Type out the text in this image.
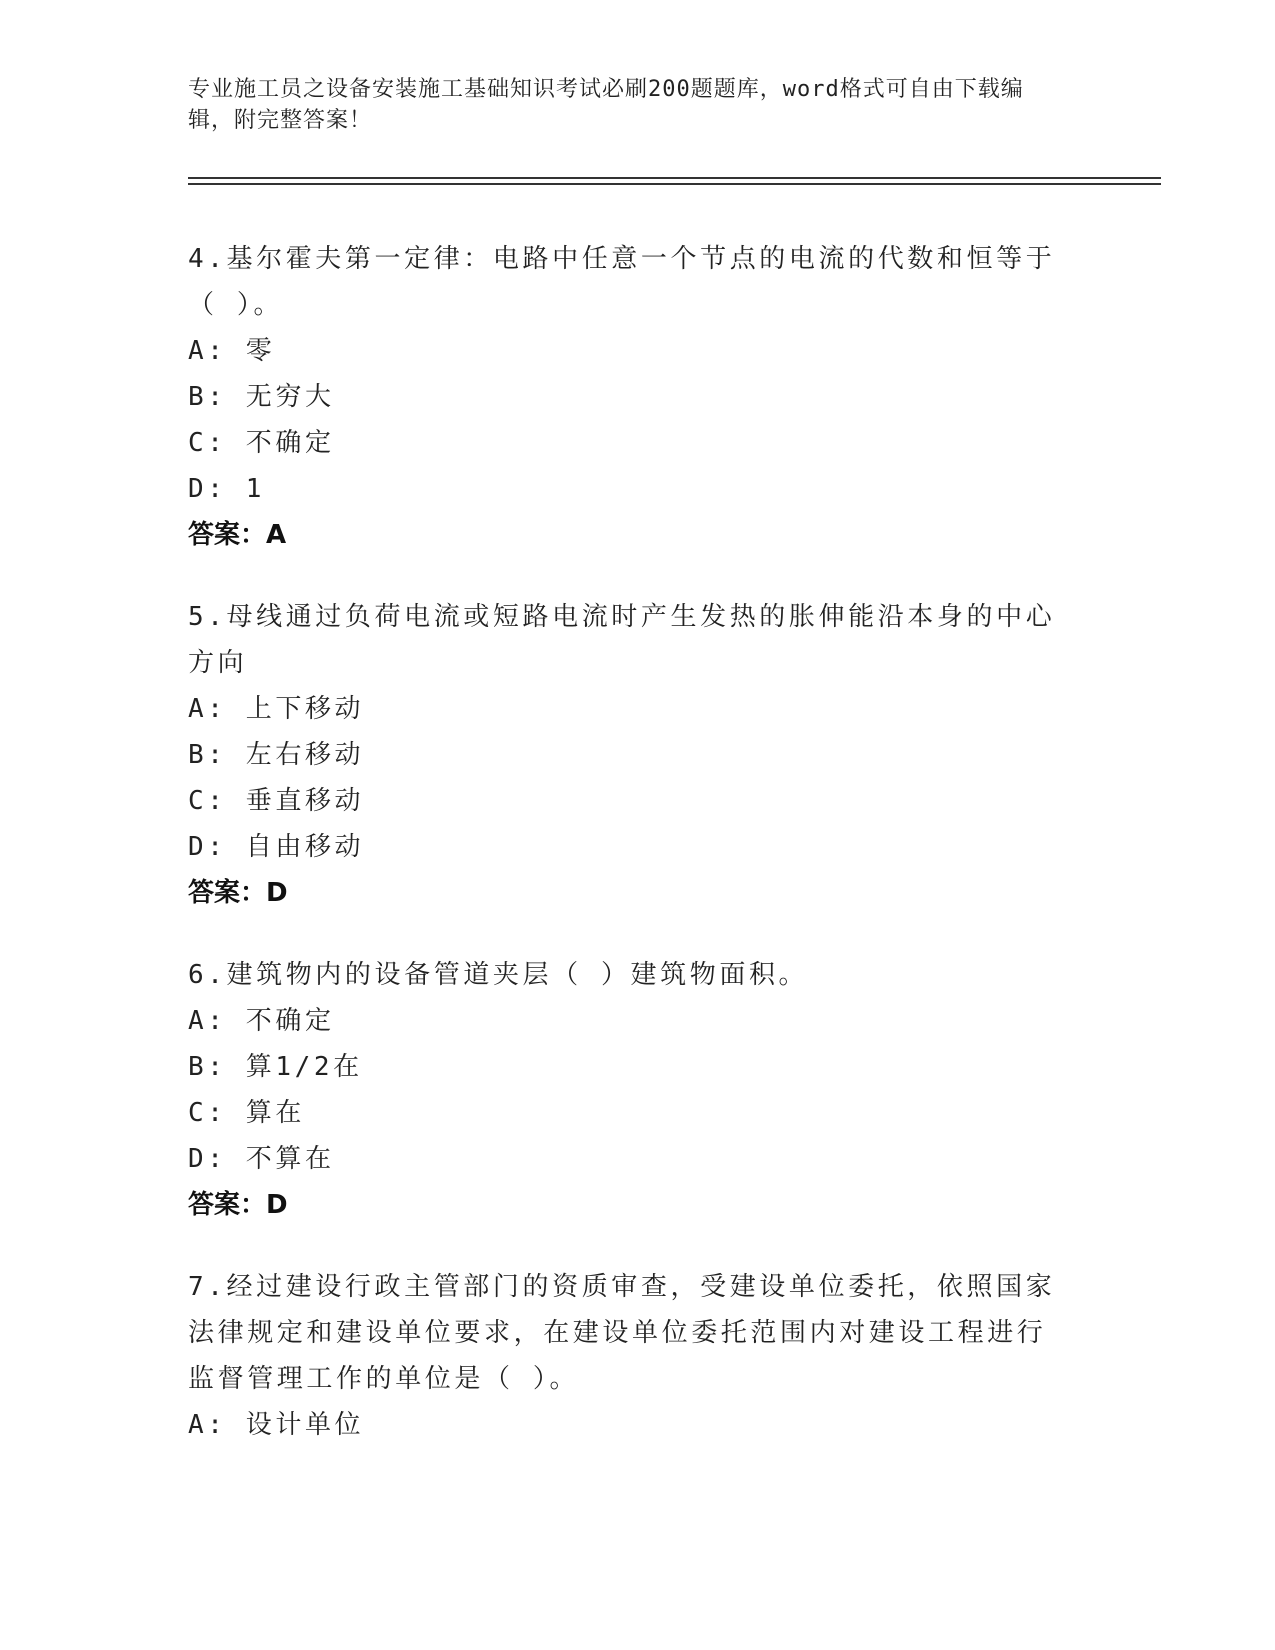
专业施工员之设备安装施工基础知识考试必刷200题题库，word格式可自由下载编辑，附完整答案！
4.基尔霍夫第一定律：电路中任意一个节点的电流的代数和恒等于（ ）。
A: 零
B: 无穷大
C: 不确定
D: 1
答案：A
5.母线通过负荷电流或短路电流时产生发热的胀伸能沿本身的中心方向
A: 上下移动
B: 左右移动
C: 垂直移动
D: 自由移动
答案：D
6.建筑物内的设备管道夹层（ ）建筑物面积。
A: 不确定
B: 算1/2在
C: 算在
D: 不算在
答案：D
7.经过建设行政主管部门的资质审查，受建设单位委托，依照国家法律规定和建设单位要求，在建设单位委托范围内对建设工程进行监督管理工作的单位是（ ）。
A: 设计单位
